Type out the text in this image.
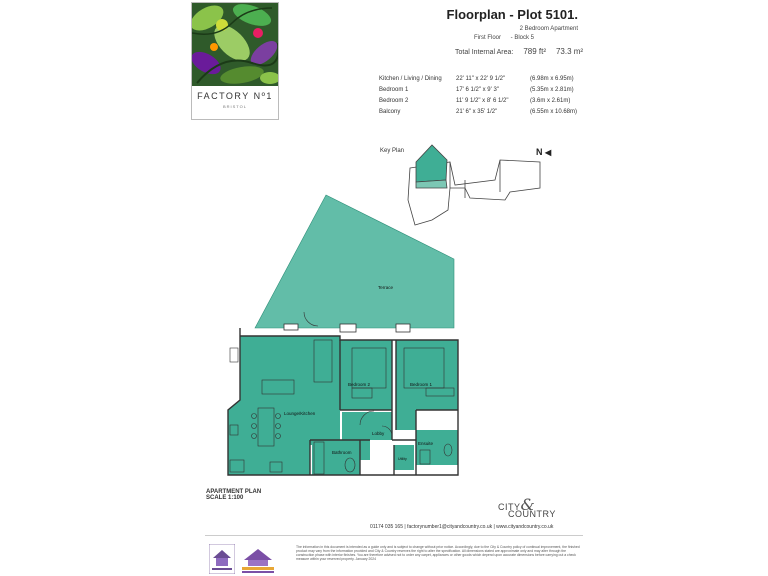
FACTORY Nº1
BRISTOL
Floorplan - Plot 5101.
2 Bedroom Apartment
First Floor - Block 5
Total Internal Area: 789 ft² 73.3 m²
Kitchen / Living / Dining 22' 11" x 22' 9 1/2"	(6.98m x 6.95m)
Bedroom 1	17' 6 1/2" x 9' 3"	(5.35m x 2.81m)
Bedroom 2	11' 9 1/2" x 8' 6 1/2"	(3.6m x 2.61m)
Balcony	21' 6" x 35' 1/2"	(6.55m x 10.68m)
Key Plan	N ◀
Terrace
Lounge/Kitchen
Bedroom 2	Bedroom 1
Lobby
Bathroom
Ensuite
Utility
APARTMENT PLAN
SCALE 1:100
CITY&
COUNTRY
01174 035 165 | factorynumber1@cityandcountry.co.uk | www.cityandcountry.co.uk
The information in this document is intended as a guide only and is subject to change without prior notice. Accordingly, due to the City & Country policy of continual improvement, the finished product may vary from the information provided and City & Country reserves the right to alter the specification. All dimensions stated are approximate only and may alter through the construction phase with interior finishes. You are therefore advised not to order any carpet, appliances or other goods which depend upon accurate dimensions before carrying out a check measure within your reserved property. January 2024
